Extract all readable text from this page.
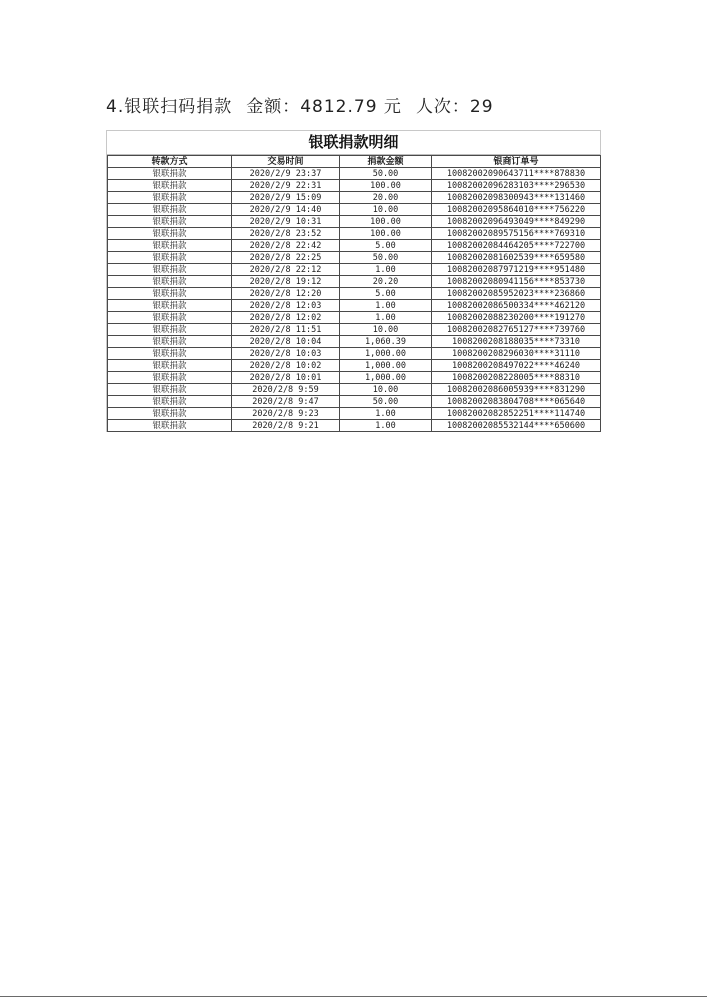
4.银联扫码捐款 金额：4812.79 元 人次：29
银联捐款明细
转款方式	交易时间	捐款金额	银商订单号
银联捐款	2020/2/9 23:37	50.00	10082002090643711****878830
银联捐款	2020/2/9 22:31	100.00	10082002096283103****296530
银联捐款	2020/2/9 15:09	20.00	10082002098300943****131460
银联捐款	2020/2/9 14:40	10.00	10082002095864010****756220
银联捐款	2020/2/9 10:31	100.00	10082002096493049****849290
银联捐款	2020/2/8 23:52	100.00	10082002089575156****769310
银联捐款	2020/2/8 22:42	5.00	10082002084464205****722700
银联捐款	2020/2/8 22:25	50.00	10082002081602539****659580
银联捐款	2020/2/8 22:12	1.00	10082002087971219****951480
银联捐款	2020/2/8 19:12	20.20	10082002080941156****853730
银联捐款	2020/2/8 12:20	5.00	10082002085952023****236860
银联捐款	2020/2/8 12:03	1.00	10082002086500334****462120
银联捐款	2020/2/8 12:02	1.00	10082002088230200****191270
银联捐款	2020/2/8 11:51	10.00	10082002082765127****739760
银联捐款	2020/2/8 10:04	1,060.39	1008200208188035****73310
银联捐款	2020/2/8 10:03	1,000.00	1008200208296030****31110
银联捐款	2020/2/8 10:02	1,000.00	1008200208497022****46240
银联捐款	2020/2/8 10:01	1,000.00	1008200208228005****88310
银联捐款	2020/2/8 9:59	10.00	10082002086005939****831290
银联捐款	2020/2/8 9:47	50.00	10082002083804708****065640
银联捐款	2020/2/8 9:23	1.00	10082002082852251****114740
银联捐款	2020/2/8 9:21	1.00	10082002085532144****650600
